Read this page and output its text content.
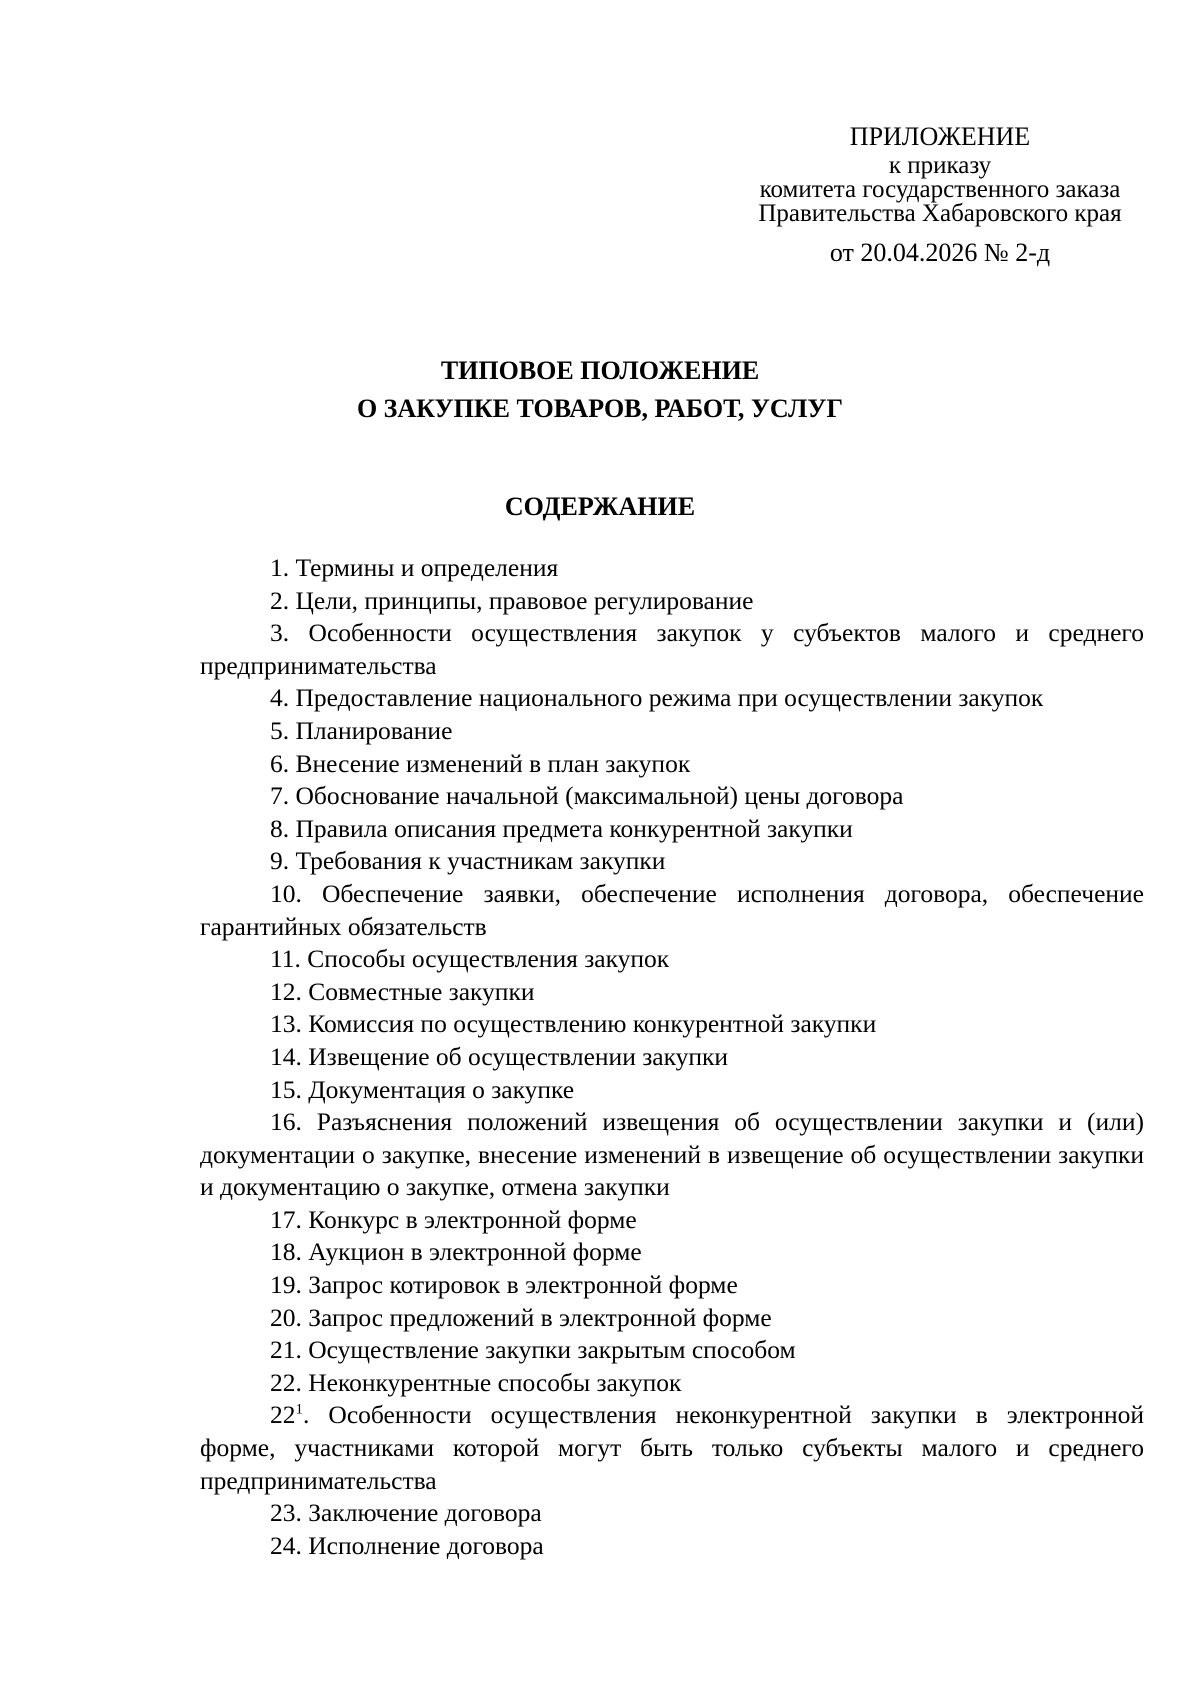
ПРИЛОЖЕНИЕ
к приказу
комитета государственного заказа
Правительства Хабаровского края
от 20.04.2026 № 2-д
ТИПОВОЕ ПОЛОЖЕНИЕ
О ЗАКУПКЕ ТОВАРОВ, РАБОТ, УСЛУГ
СОДЕРЖАНИЕ
1. Термины и определения
2. Цели, принципы, правовое регулирование
3. Особенности осуществления закупок у субъектов малого и среднего предпринимательства
4. Предоставление национального режима при осуществлении закупок
5. Планирование
6. Внесение изменений в план закупок
7. Обоснование начальной (максимальной) цены договора
8. Правила описания предмета конкурентной закупки
9. Требования к участникам закупки
10. Обеспечение заявки, обеспечение исполнения договора, обеспечение гарантийных обязательств
11. Способы осуществления закупок
12. Совместные закупки
13. Комиссия по осуществлению конкурентной закупки
14. Извещение об осуществлении закупки
15. Документация о закупке
16. Разъяснения положений извещения об осуществлении закупки и (или) документации о закупке, внесение изменений в извещение об осуществлении закупки и документацию о закупке, отмена закупки
17. Конкурс в электронной форме
18. Аукцион в электронной форме
19. Запрос котировок в электронной форме
20. Запрос предложений в электронной форме
21. Осуществление закупки закрытым способом
22. Неконкурентные способы закупок
$22^1$. Особенности осуществления неконкурентной закупки в электронной форме, участниками которой могут быть только субъекты малого и среднего предпринимательства
23. Заключение договора
24. Исполнение договора
